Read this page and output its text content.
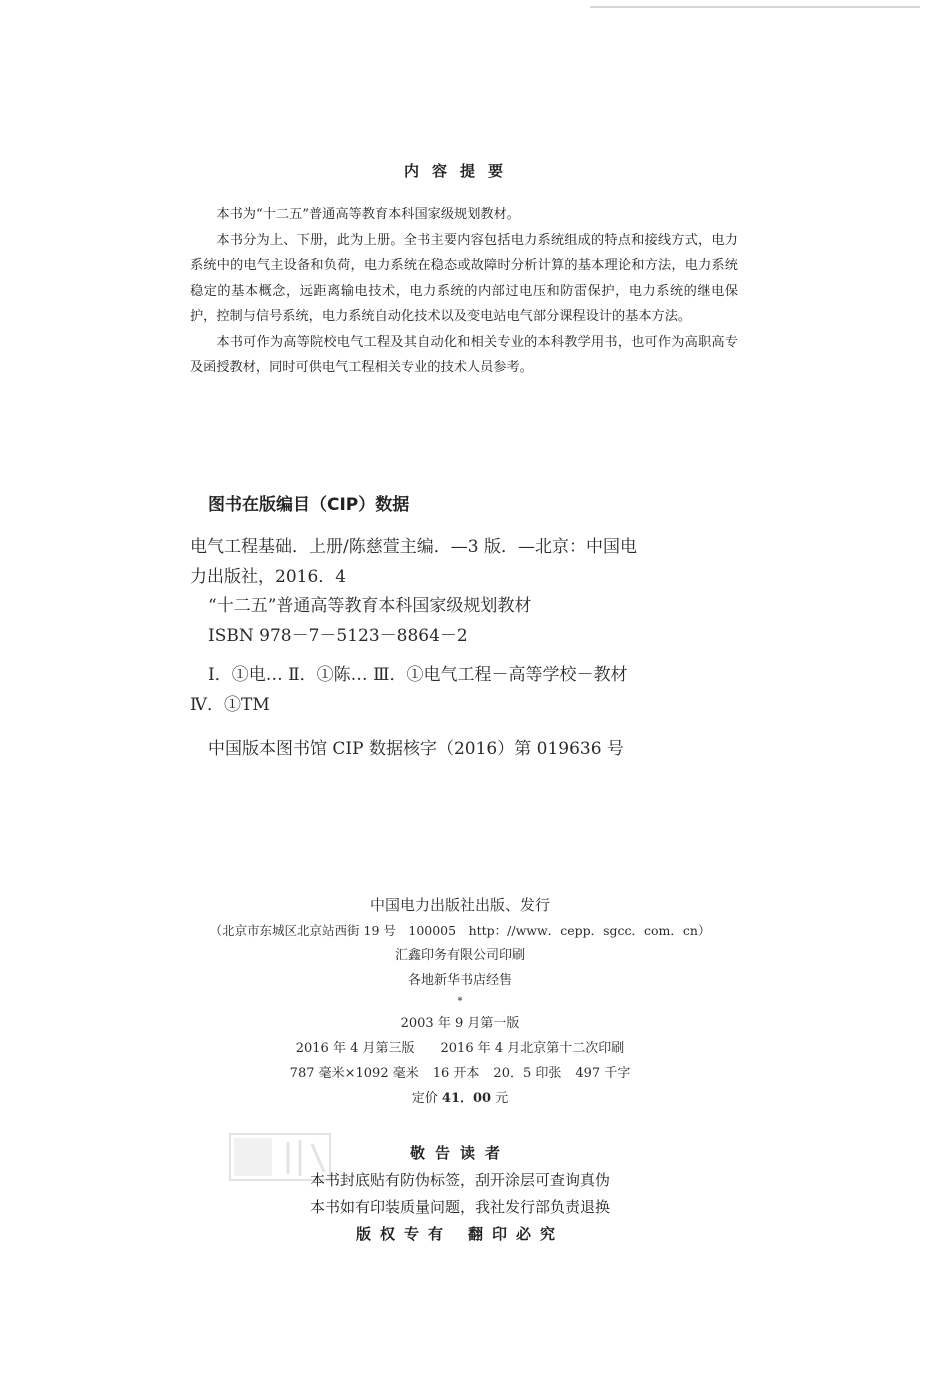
内容提要

本书为“十二五”普通高等教育本科国家级规划教材。

本书分为上、下册，此为上册。全书主要内容包括电力系统组成的特点和接线方式，电力系统中的电气主设备和负荷，电力系统在稳态或故障时分析计算的基本理论和方法，电力系统稳定的基本概念，远距离输电技术，电力系统的内部过电压和防雷保护，电力系统的继电保护，控制与信号系统，电力系统自动化技术以及变电站电气部分课程设计的基本方法。

本书可作为高等院校电气工程及其自动化和相关专业的本科教学用书，也可作为高职高专及函授教材，同时可供电气工程相关专业的技术人员参考。

图书在版编目（CIP）数据
电气工程基础．上册/陈慈萱主编．—3 版．—北京：中国电
力出版社，2016．4
“十二五”普通高等教育本科国家级规划教材
ISBN 978－7－5123－8864－2
Ⅰ．①电… Ⅱ．①陈… Ⅲ．①电气工程－高等学校－教材
Ⅳ．①TM
中国版本图书馆 CIP 数据核字（2016）第 019636 号
中国电力出版社出版、发行
（北京市东城区北京站西街 19 号　100005　http：//www．cepp．sgcc．com．cn）
汇鑫印务有限公司印刷
各地新华书店经售
*
2003 年 9 月第一版
2016 年 4 月第三版 2016 年 4 月北京第十二次印刷
787 毫米×1092 毫米 16 开本 20．5 印张 497 千字
定价 41．00 元
敬告读者
本书封底贴有防伪标签，刮开涂层可查询真伪
本书如有印装质量问题，我社发行部负责退换
版权专有 翻印必究
